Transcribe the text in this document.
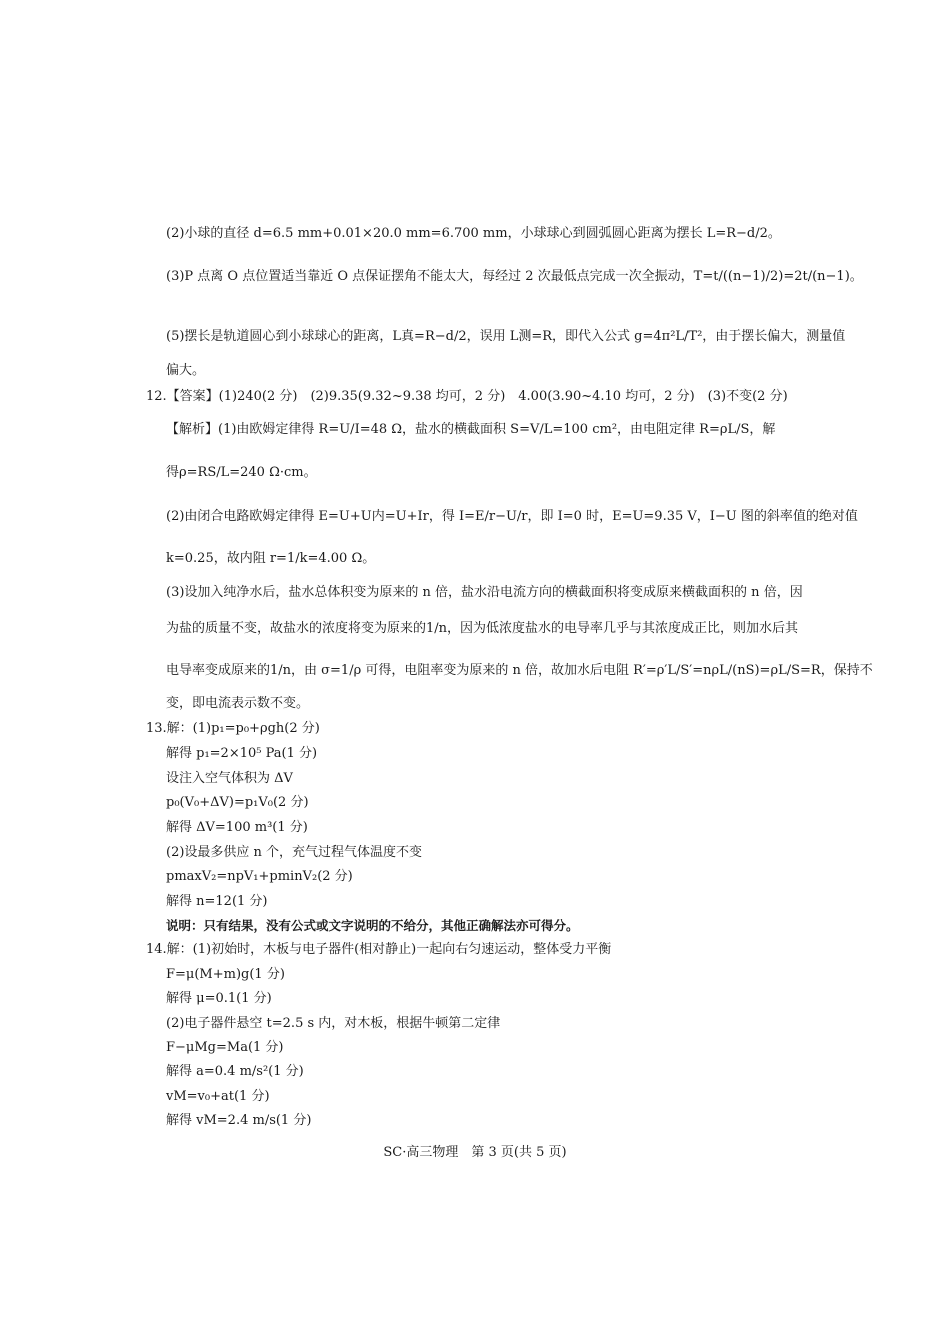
(2)小球的直径 d=6.5 mm+0.01×20.0 mm=6.700 mm，小球球心到圆弧圆心距离为摆长 L=R−d/2。
(3)P 点离 O 点位置适当靠近 O 点保证摆角不能太大，每经过 2 次最低点完成一次全振动，T=t/((n−1)/2)=2t/(n−1)。
(5)摆长是轨道圆心到小球球心的距离，L真=R−d/2，误用 L测=R，即代入公式 g=4π²L/T²，由于摆长偏大，测量值
偏大。
12.【答案】(1)240(2 分)　(2)9.35(9.32~9.38 均可，2 分)　4.00(3.90~4.10 均可，2 分)　(3)不变(2 分)
【解析】(1)由欧姆定律得 R=U/I=48 Ω，盐水的横截面积 S=V/L=100 cm²，由电阻定律 R=ρL/S，解
得ρ=RS/L=240 Ω·cm。
(2)由闭合电路欧姆定律得 E=U+U内=U+Ir，得 I=E/r−U/r，即 I=0 时，E=U=9.35 V，I−U 图的斜率值的绝对值
k=0.25，故内阻 r=1/k=4.00 Ω。
(3)设加入纯净水后，盐水总体积变为原来的 n 倍，盐水沿电流方向的横截面积将变成原来横截面积的 n 倍，因
为盐的质量不变，故盐水的浓度将变为原来的1/n，因为低浓度盐水的电导率几乎与其浓度成正比，则加水后其
电导率变成原来的1/n，由 σ=1/ρ 可得，电阻率变为原来的 n 倍，故加水后电阻 R′=ρ′L/S′=nρL/(nS)=ρL/S=R，保持不
变，即电流表示数不变。
13.解：(1)p₁=p₀+ρgh(2 分)
解得 p₁=2×10⁵ Pa(1 分)
设注入空气体积为 ΔV
p₀(V₀+ΔV)=p₁V₀(2 分)
解得 ΔV=100 m³(1 分)
(2)设最多供应 n 个，充气过程气体温度不变
pmaxV₂=npV₁+pminV₂(2 分)
解得 n=12(1 分)
说明：只有结果，没有公式或文字说明的不给分，其他正确解法亦可得分。
14.解：(1)初始时，木板与电子器件(相对静止)一起向右匀速运动，整体受力平衡
F=μ(M+m)g(1 分)
解得 μ=0.1(1 分)
(2)电子器件悬空 t=2.5 s 内，对木板，根据牛顿第二定律
F−μMg=Ma(1 分)
解得 a=0.4 m/s²(1 分)
vM=v₀+at(1 分)
解得 vM=2.4 m/s(1 分)
SC·高三物理　第 3 页(共 5 页)
